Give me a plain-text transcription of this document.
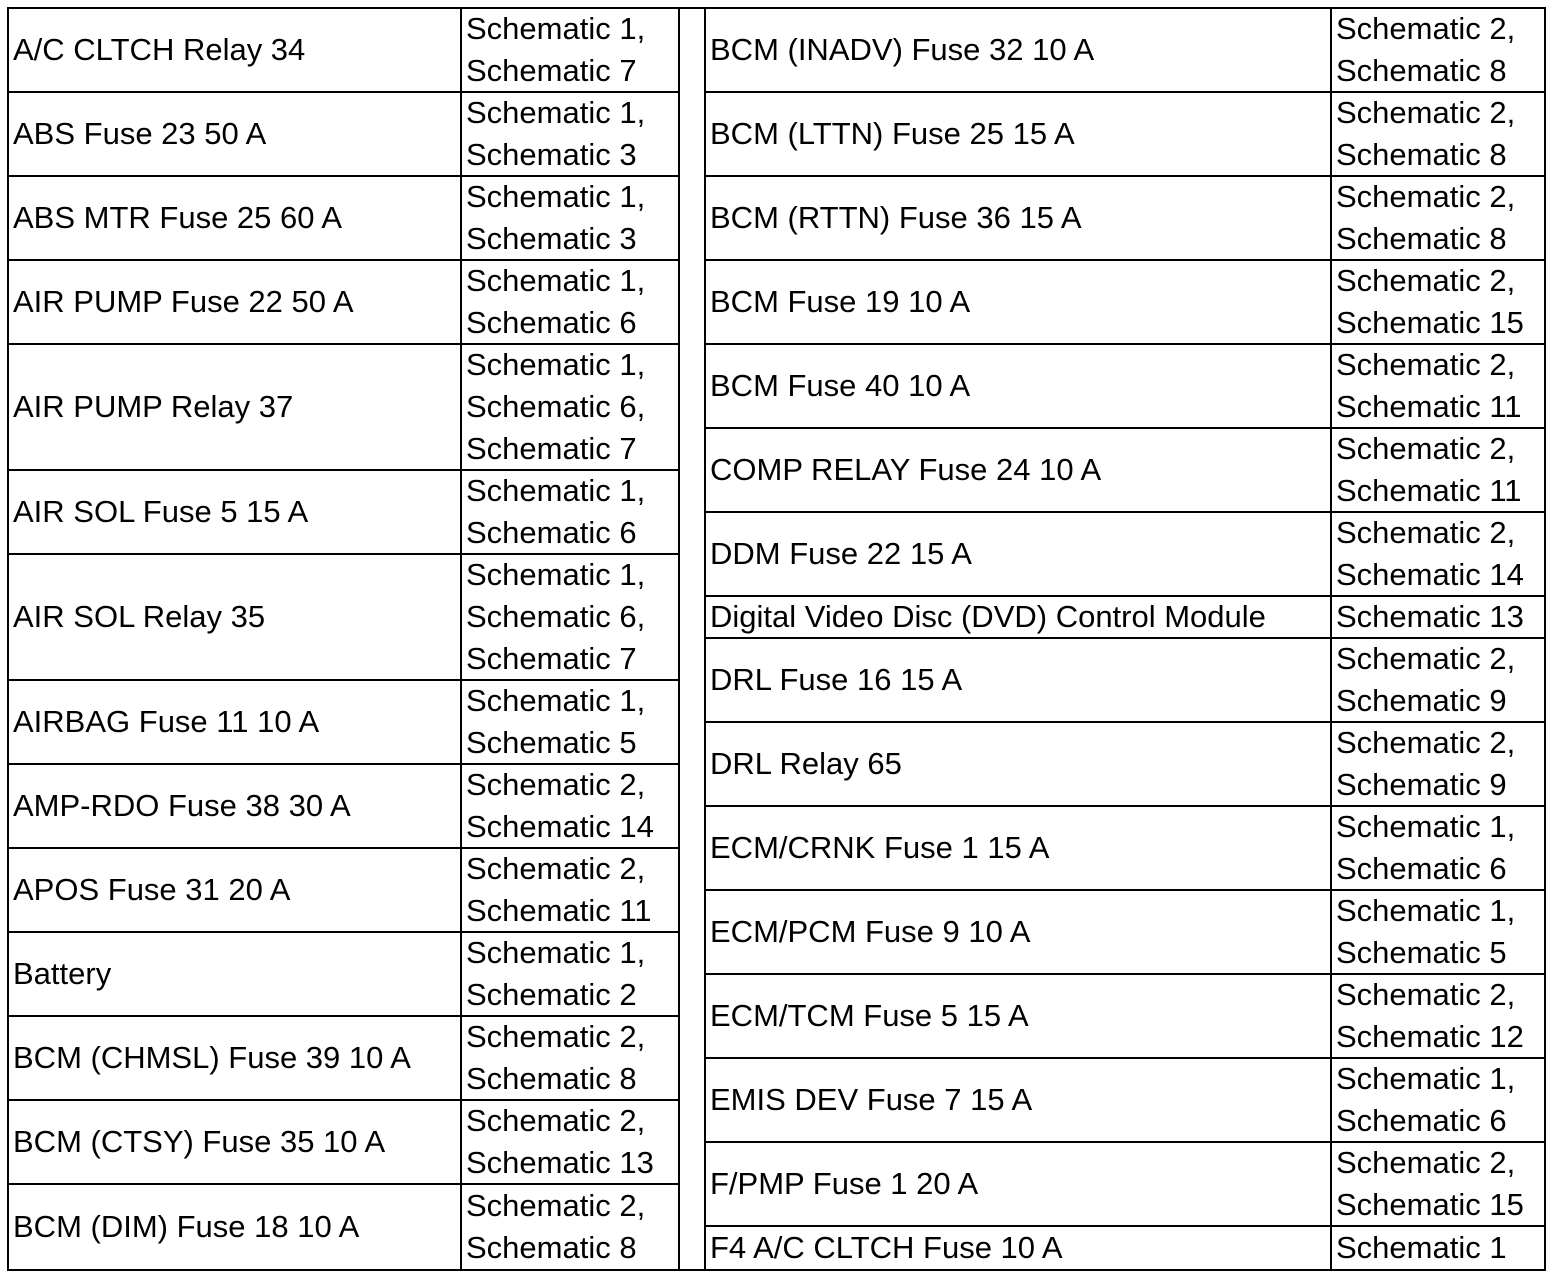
A/C CLTCH Relay 34
Schematic 1,
Schematic 7
ABS Fuse 23 50 A
Schematic 1,
Schematic 3
ABS MTR Fuse 25 60 A
Schematic 1,
Schematic 3
AIR PUMP Fuse 22 50 A
Schematic 1,
Schematic 6
AIR PUMP Relay 37
Schematic 1,
Schematic 6,
Schematic 7
AIR SOL Fuse 5 15 A
Schematic 1,
Schematic 6
AIR SOL Relay 35
Schematic 1,
Schematic 6,
Schematic 7
AIRBAG Fuse 11 10 A
Schematic 1,
Schematic 5
AMP-RDO Fuse 38 30 A
Schematic 2,
Schematic 14
APOS Fuse 31 20 A
Schematic 2,
Schematic 11
Battery
Schematic 1,
Schematic 2
BCM (CHMSL) Fuse 39 10 A
Schematic 2,
Schematic 8
BCM (CTSY) Fuse 35 10 A
Schematic 2,
Schematic 13
BCM (DIM) Fuse 18 10 A
Schematic 2,
Schematic 8
BCM (INADV) Fuse 32 10 A
Schematic 2,
Schematic 8
BCM (LTTN) Fuse 25 15 A
Schematic 2,
Schematic 8
BCM (RTTN) Fuse 36 15 A
Schematic 2,
Schematic 8
BCM Fuse 19 10 A
Schematic 2,
Schematic 15
BCM Fuse 40 10 A
Schematic 2,
Schematic 11
COMP RELAY Fuse 24 10 A
Schematic 2,
Schematic 11
DDM Fuse 22 15 A
Schematic 2,
Schematic 14
Digital Video Disc (DVD) Control Module Schematic 13
DRL Fuse 16 15 A
Schematic 2,
Schematic 9
DRL Relay 65
Schematic 2,
Schematic 9
ECM/CRNK Fuse 1 15 A
Schematic 1,
Schematic 6
ECM/PCM Fuse 9 10 A
Schematic 1,
Schematic 5
ECM/TCM Fuse 5 15 A
Schematic 2,
Schematic 12
EMIS DEV Fuse 7 15 A
Schematic 1,
Schematic 6
F/PMP Fuse 1 20 A
Schematic 2,
Schematic 15
F4 A/C CLTCH Fuse 10 A	Schematic 1
